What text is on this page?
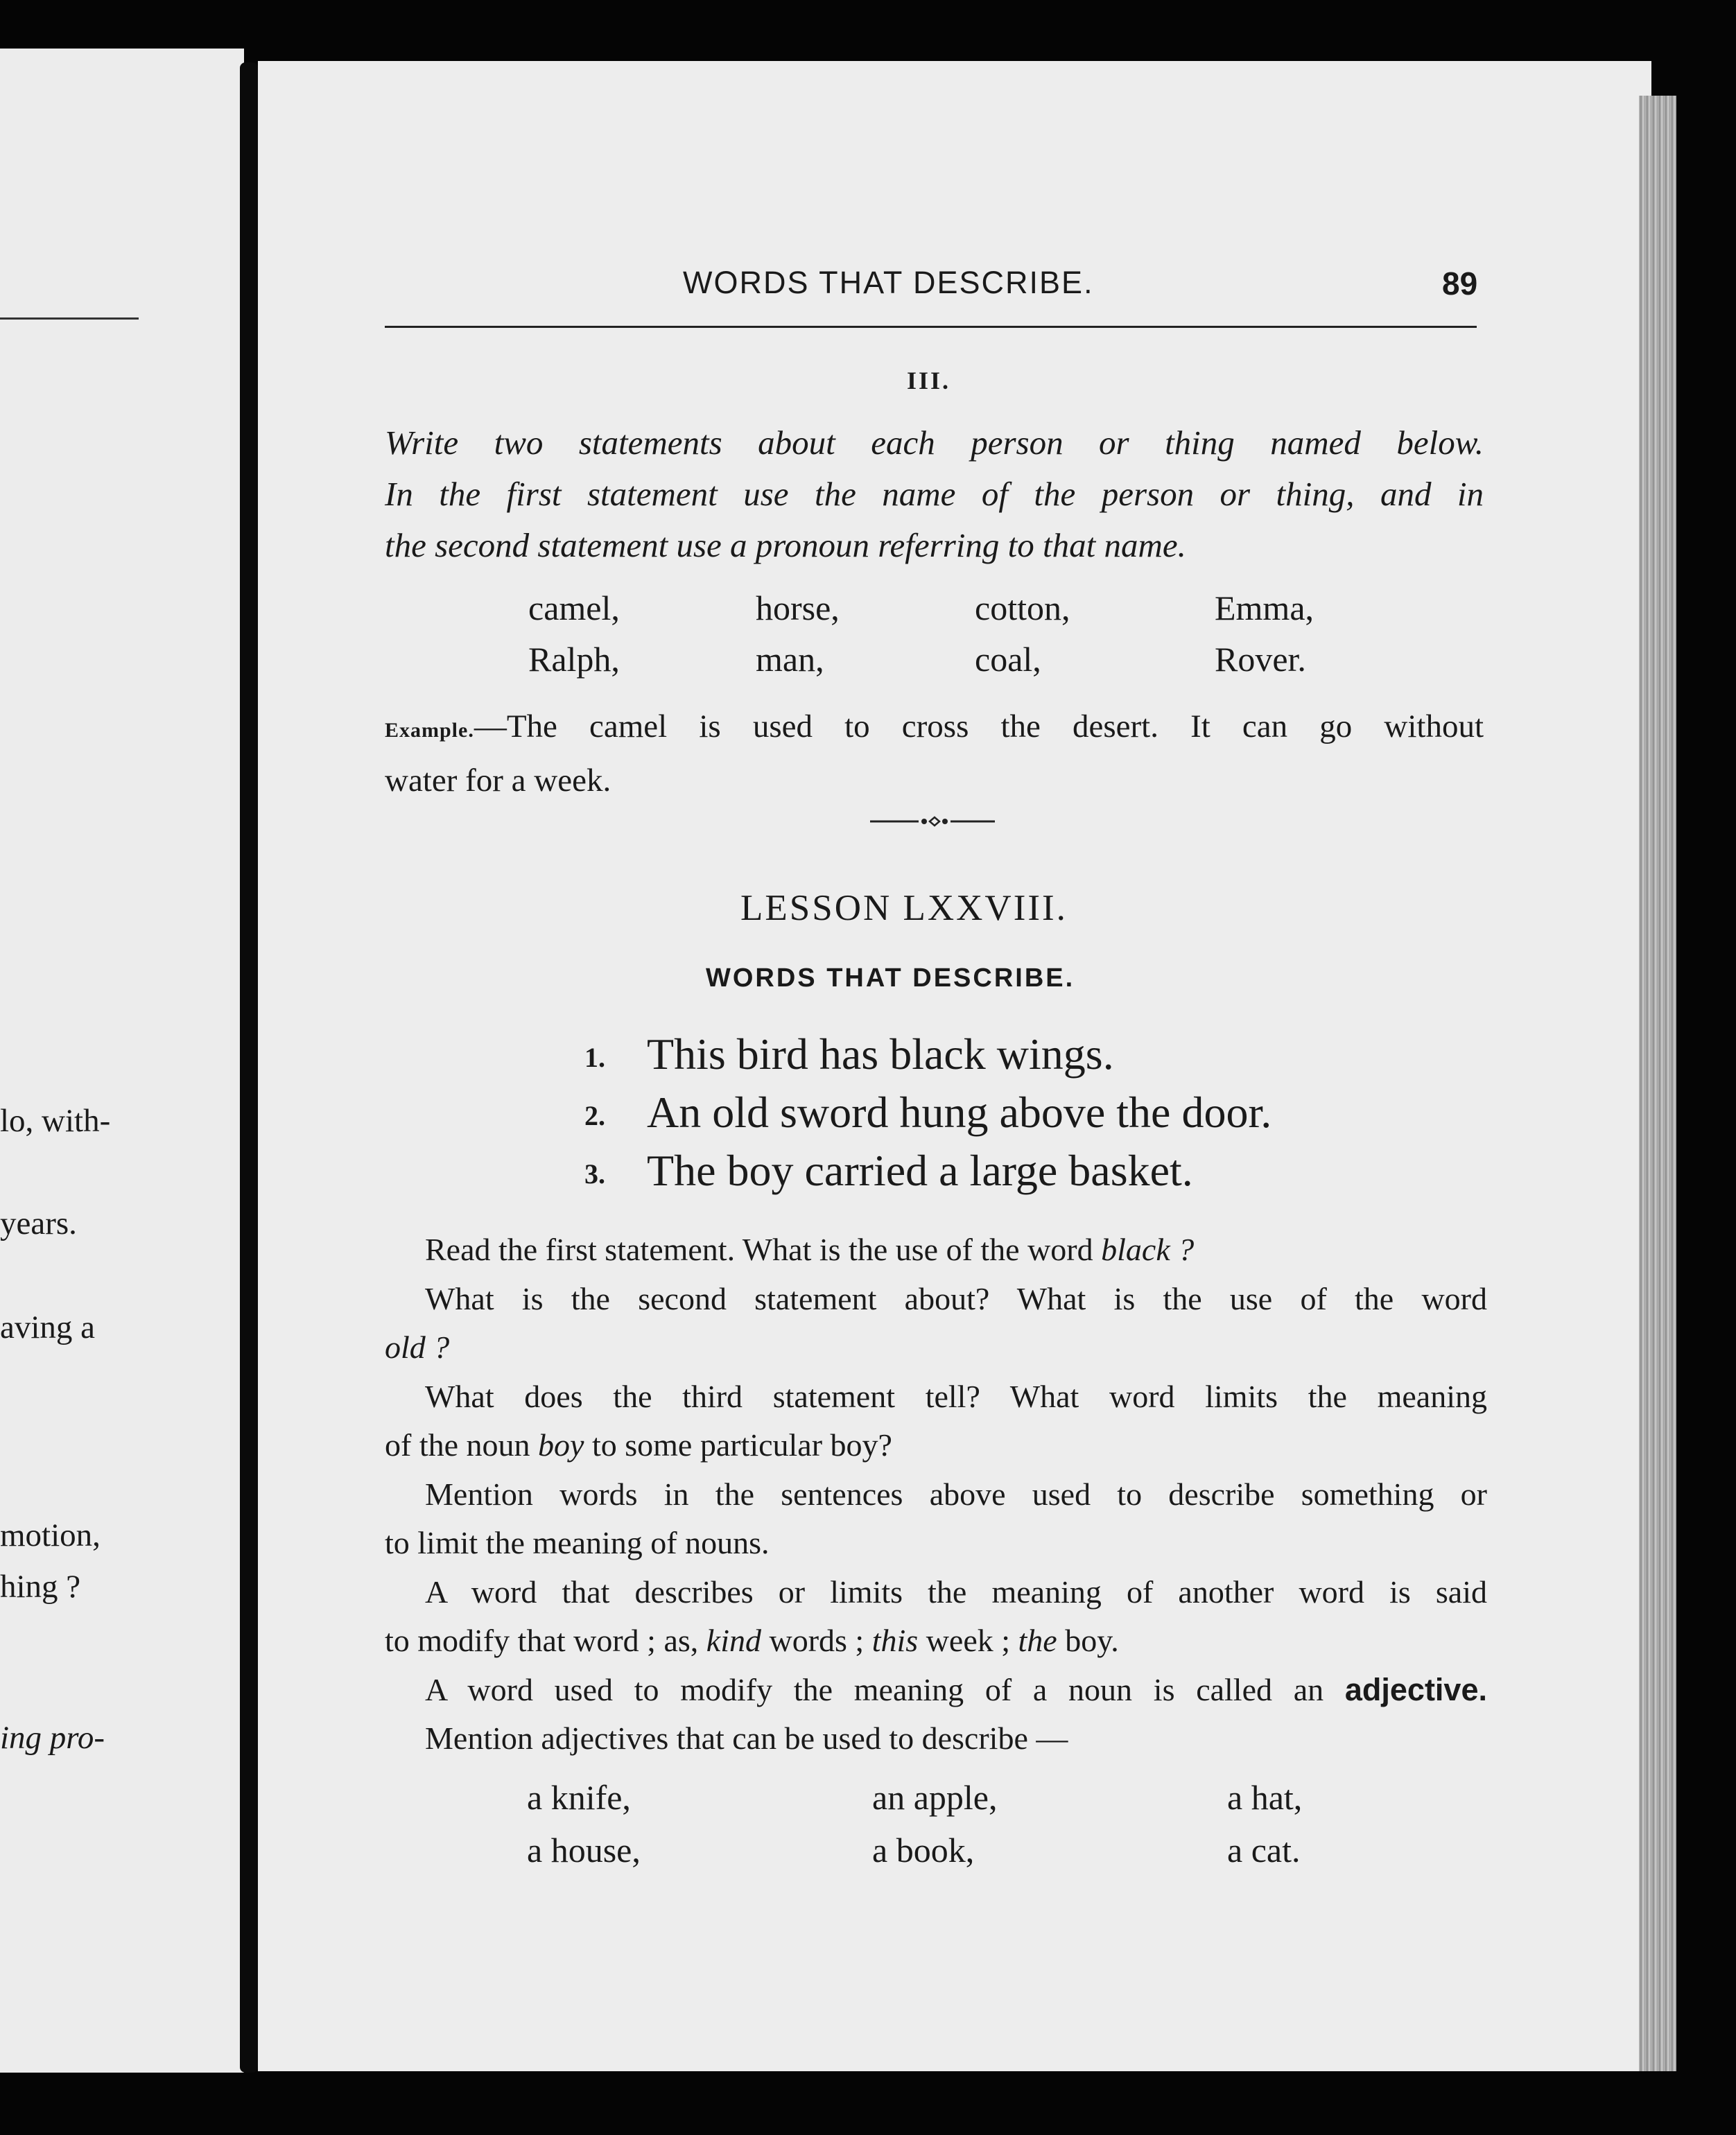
lo, with-
years.
aving a
motion,
hing ?
ing pro-
WORDS THAT DESCRIBE.	89
III.
Write two statements about each person or thing named below.
In the first statement use the name of the person or thing, and in
the second statement use a pronoun referring to that name.
camel,	horse,	cotton,	Emma,
Ralph,	man,	coal,	Rover.
Example.—The camel is used to cross the desert. It can go without
water for a week.
LESSON LXXVIII.
WORDS THAT DESCRIBE.
1. This bird has black wings.
2. An old sword hung above the door.
3. The boy carried a large basket.
Read the first statement. What is the use of the word black ?
What is the second statement about? What is the use of the word
old ?
What does the third statement tell? What word limits the meaning
of the noun boy to some particular boy?
Mention words in the sentences above used to describe something or
to limit the meaning of nouns.
A word that describes or limits the meaning of another word is said
to modify that word ; as, kind words ; this week ; the boy.
A word used to modify the meaning of a noun is called an adjective.
Mention adjectives that can be used to describe —
a knife,	an apple,	a hat,
a house,	a book,	a cat.
